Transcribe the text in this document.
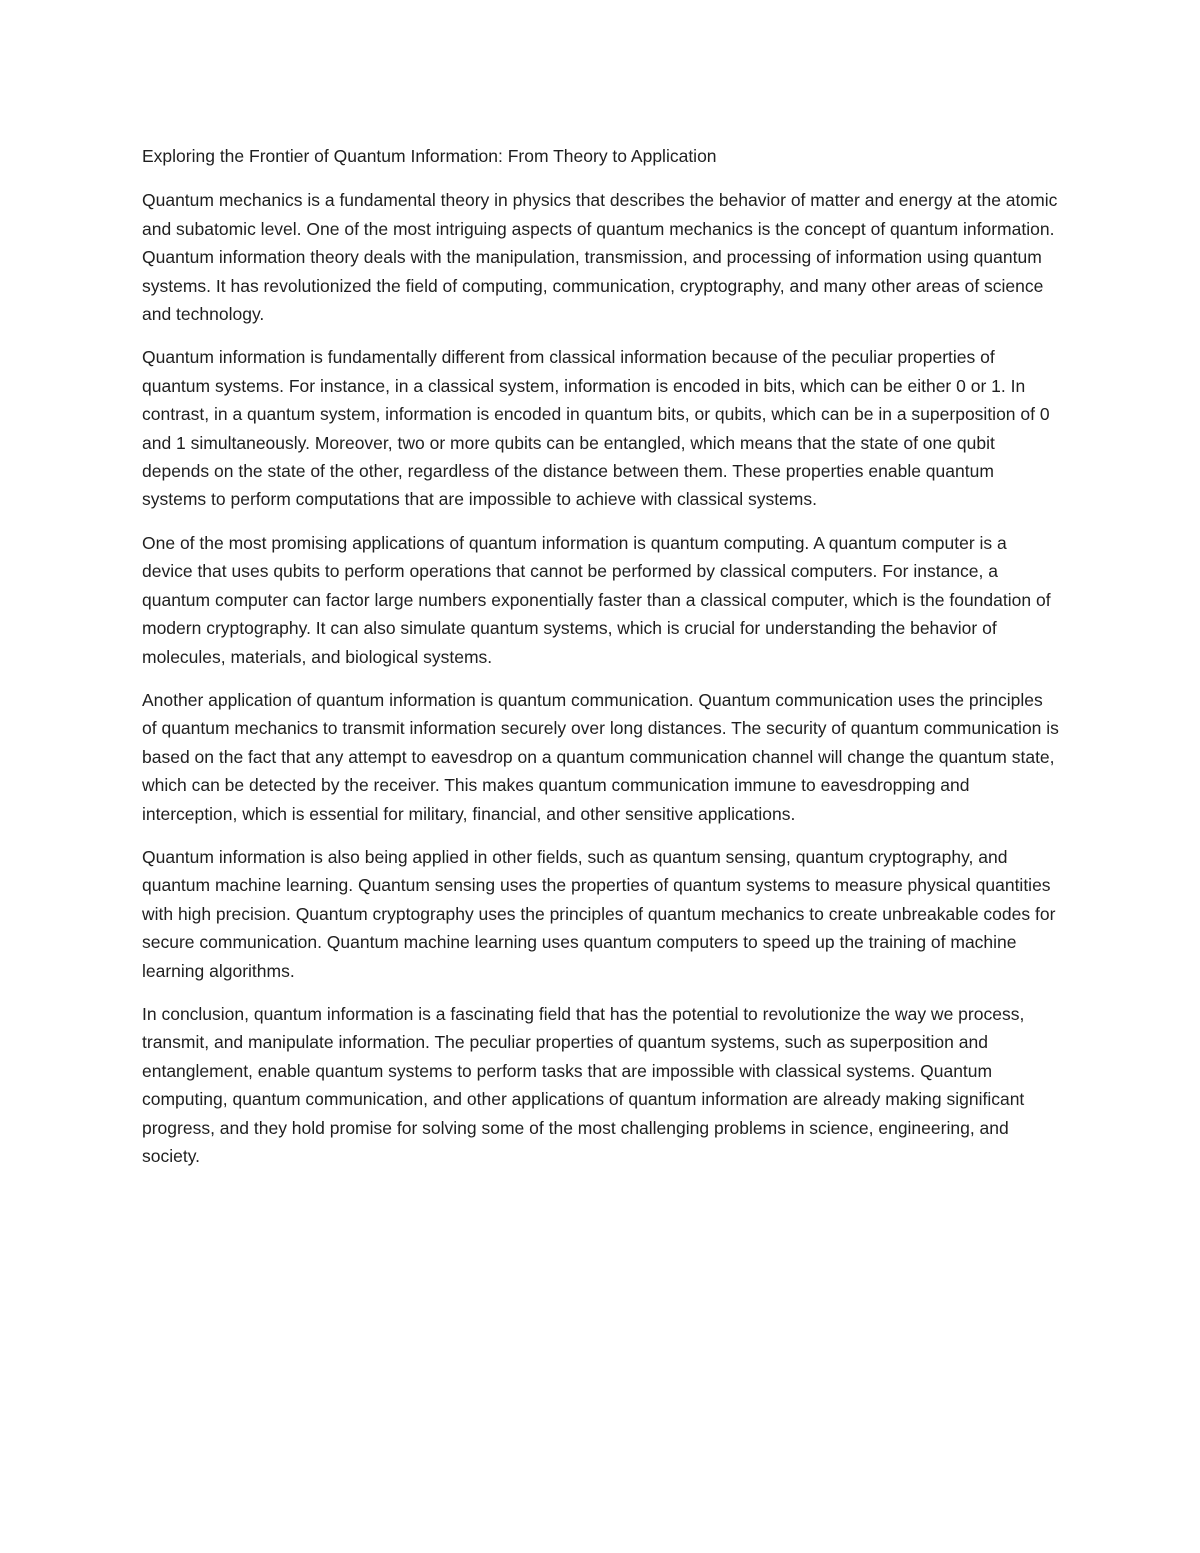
Exploring the Frontier of Quantum Information: From Theory to Application

Quantum mechanics is a fundamental theory in physics that describes the behavior of matter and energy at the atomic and subatomic level. One of the most intriguing aspects of quantum mechanics is the concept of quantum information. Quantum information theory deals with the manipulation, transmission, and processing of information using quantum systems. It has revolutionized the field of computing, communication, cryptography, and many other areas of science and technology.

Quantum information is fundamentally different from classical information because of the peculiar properties of quantum systems. For instance, in a classical system, information is encoded in bits, which can be either 0 or 1. In contrast, in a quantum system, information is encoded in quantum bits, or qubits, which can be in a superposition of 0 and 1 simultaneously. Moreover, two or more qubits can be entangled, which means that the state of one qubit depends on the state of the other, regardless of the distance between them. These properties enable quantum systems to perform computations that are impossible to achieve with classical systems.

One of the most promising applications of quantum information is quantum computing. A quantum computer is a device that uses qubits to perform operations that cannot be performed by classical computers. For instance, a quantum computer can factor large numbers exponentially faster than a classical computer, which is the foundation of modern cryptography. It can also simulate quantum systems, which is crucial for understanding the behavior of molecules, materials, and biological systems.

Another application of quantum information is quantum communication. Quantum communication uses the principles of quantum mechanics to transmit information securely over long distances. The security of quantum communication is based on the fact that any attempt to eavesdrop on a quantum communication channel will change the quantum state, which can be detected by the receiver. This makes quantum communication immune to eavesdropping and interception, which is essential for military, financial, and other sensitive applications.

Quantum information is also being applied in other fields, such as quantum sensing, quantum cryptography, and quantum machine learning. Quantum sensing uses the properties of quantum systems to measure physical quantities with high precision. Quantum cryptography uses the principles of quantum mechanics to create unbreakable codes for secure communication. Quantum machine learning uses quantum computers to speed up the training of machine learning algorithms.

In conclusion, quantum information is a fascinating field that has the potential to revolutionize the way we process, transmit, and manipulate information. The peculiar properties of quantum systems, such as superposition and entanglement, enable quantum systems to perform tasks that are impossible with classical systems. Quantum computing, quantum communication, and other applications of quantum information are already making significant progress, and they hold promise for solving some of the most challenging problems in science, engineering, and society.
